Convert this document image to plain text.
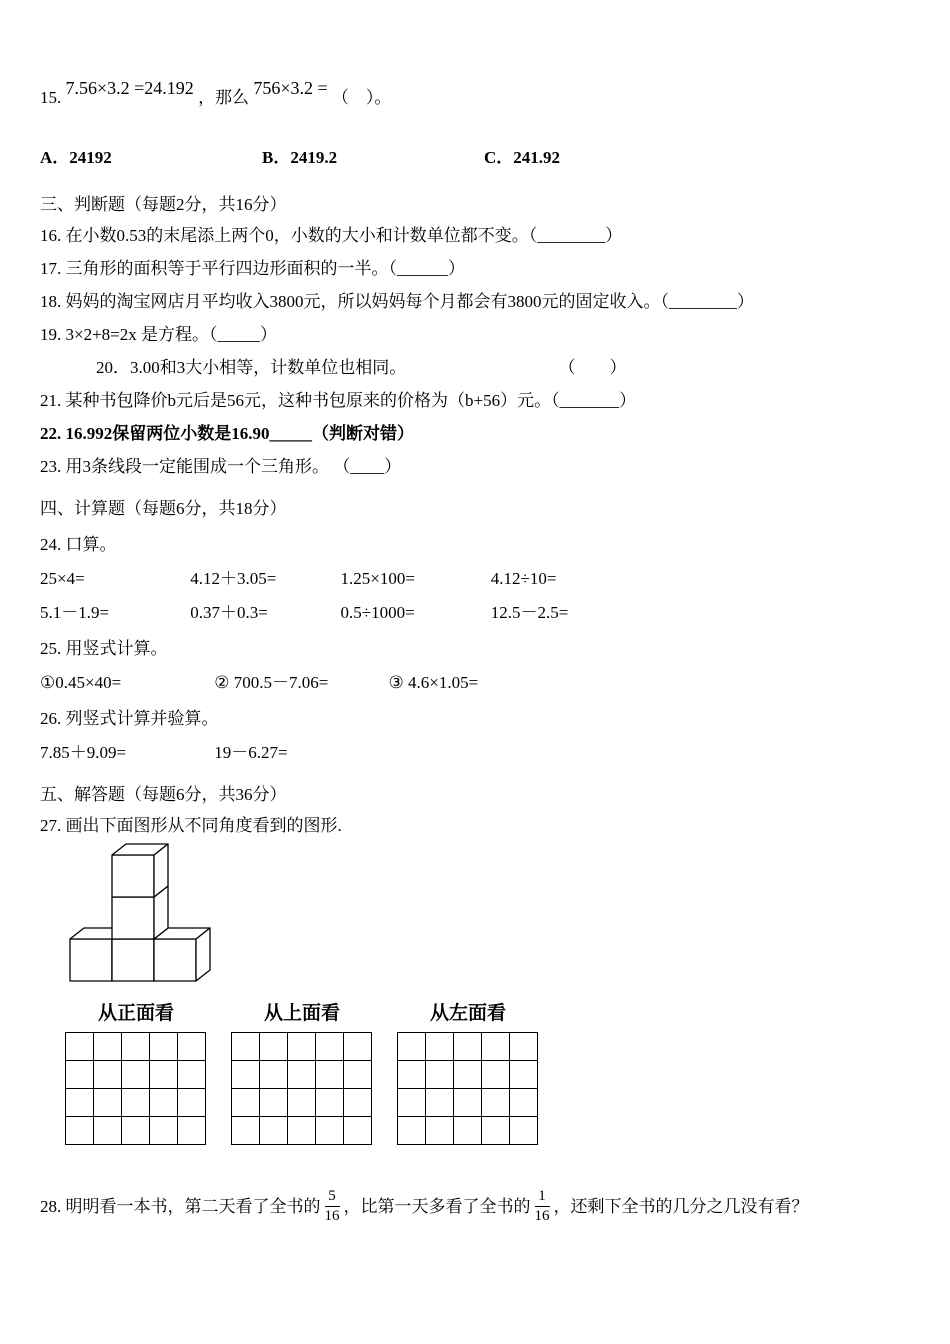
15. 7.56×3.2 =24.192 ，那么 756×3.2 = （　）。

A．24192	B．2419.2	C．241.92

三、判断题（每题2分，共16分）

16. 在小数0.53的末尾添上两个0，小数的大小和计数单位都不变。（________）

17. 三角形的面积等于平行四边形面积的一半。（______）

18. 妈妈的淘宝网店月平均收入3800元，所以妈妈每个月都会有3800元的固定收入。（________）

19. 3×2+8=2x 是方程。（_____）

20．3.00和3大小相等，计数单位也相同。	（　　）

21. 某种书包降价b元后是56元，这种书包原来的价格为（b+56）元。（_______）

22. 16.992保留两位小数是16.90_____（判断对错）

23. 用3条线段一定能围成一个三角形。 （____）

四、计算题（每题6分，共18分）

24. 口算。

25×4=	4.12＋3.05=	1.25×100=	4.12÷10=

5.1－1.9=	0.37＋0.3=	0.5÷1000=	12.5－2.5=

25. 用竖式计算。

①0.45×40=	② 700.5－7.06=	③ 4.6×1.05=

26. 列竖式计算并验算。

7.85＋9.09=	19－6.27=

五、解答题（每题6分，共36分）

27. 画出下面图形从不同角度看到的图形.

从正面看	从上面看	从左面看

28. 明明看一本书，第二天看了全书的 $\frac{5}{16}$ ，比第一天多看了全书的 $\frac{1}{16}$ ，还剩下全书的几分之几没有看？
